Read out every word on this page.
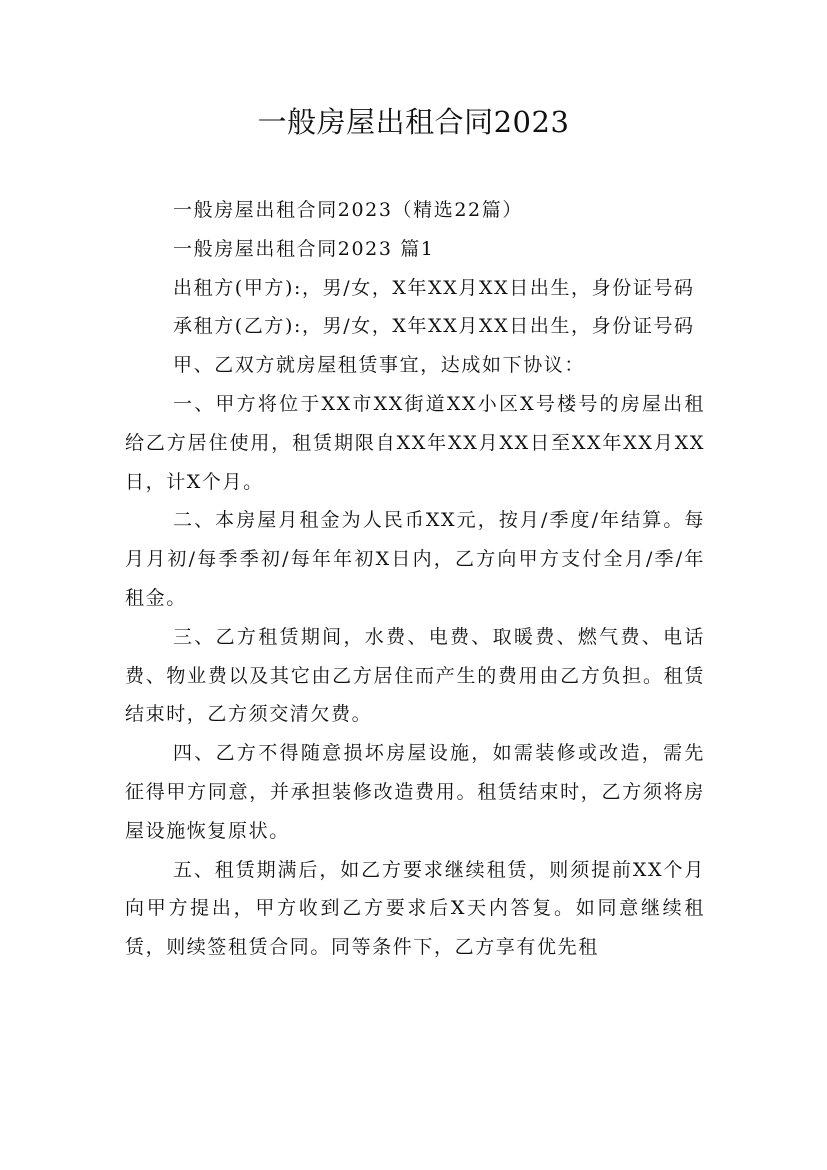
一般房屋出租合同2023

一般房屋出租合同2023（精选22篇）

一般房屋出租合同2023 篇1

出租方(甲方):，男/女，X年XX月XX日出生，身份证号码

承租方(乙方):，男/女，X年XX月XX日出生，身份证号码

甲、乙双方就房屋租赁事宜，达成如下协议：

一、甲方将位于XX市XX街道XX小区X号楼号的房屋出租给乙方居住使用，租赁期限自XX年XX月XX日至XX年XX月XX日，计X个月。

二、本房屋月租金为人民币XX元，按月/季度/年结算。每月月初/每季季初/每年年初X日内，乙方向甲方支付全月/季/年租金。

三、乙方租赁期间，水费、电费、取暖费、燃气费、电话费、物业费以及其它由乙方居住而产生的费用由乙方负担。租赁结束时，乙方须交清欠费。

四、乙方不得随意损坏房屋设施，如需装修或改造，需先征得甲方同意，并承担装修改造费用。租赁结束时，乙方须将房屋设施恢复原状。

五、租赁期满后，如乙方要求继续租赁，则须提前XX个月向甲方提出，甲方收到乙方要求后X天内答复。如同意继续租赁，则续签租赁合同。同等条件下，乙方享有优先租
